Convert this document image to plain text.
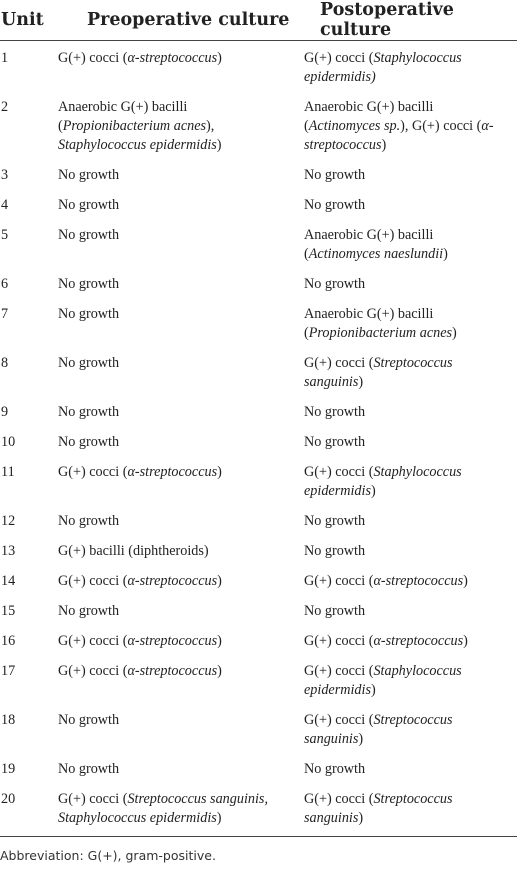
Unit	Preoperative culture	Postoperative culture
1	G(+) cocci (α-streptococcus)	G(+) cocci (Staphylococcus epidermidis)
2	Anaerobic G(+) bacilli (Propionibacterium acnes), Staphylococcus epidermidis)	Anaerobic G(+) bacilli (Actinomyces sp.), G(+) cocci (α-streptococcus)
3	No growth	No growth
4	No growth	No growth
5	No growth	Anaerobic G(+) bacilli (Actinomyces naeslundii)
6	No growth	No growth
7	No growth	Anaerobic G(+) bacilli (Propionibacterium acnes)
8	No growth	G(+) cocci (Streptococcus sanguinis)
9	No growth	No growth
10	No growth	No growth
11	G(+) cocci (α-streptococcus)	G(+) cocci (Staphylococcus epidermidis)
12	No growth	No growth
13	G(+) bacilli (diphtheroids)	No growth
14	G(+) cocci (α-streptococcus)	G(+) cocci (α-streptococcus)
15	No growth	No growth
16	G(+) cocci (α-streptococcus)	G(+) cocci (α-streptococcus)
17	G(+) cocci (α-streptococcus)	G(+) cocci (Staphylococcus epidermidis)
18	No growth	G(+) cocci (Streptococcus sanguinis)
19	No growth	No growth
20	G(+) cocci (Streptococcus sanguinis, Staphylococcus epidermidis)	G(+) cocci (Streptococcus sanguinis)
Abbreviation: G(+), gram-positive.
